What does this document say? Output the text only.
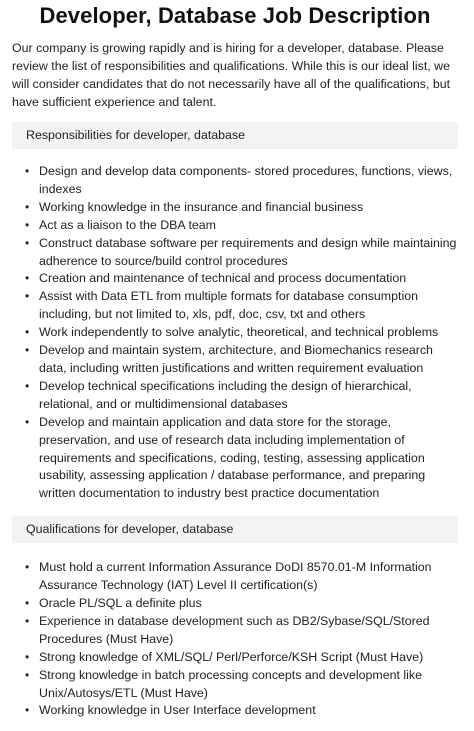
Developer, Database Job Description

Our company is growing rapidly and is hiring for a developer, database. Please review the list of responsibilities and qualifications. While this is our ideal list, we will consider candidates that do not necessarily have all of the qualifications, but have sufficient experience and talent.

Responsibilities for developer, database
• Design and develop data components- stored procedures, functions, views, indexes
• Working knowledge in the insurance and financial business
• Act as a liaison to the DBA team
• Construct database software per requirements and design while maintaining adherence to source/build control procedures
• Creation and maintenance of technical and process documentation
• Assist with Data ETL from multiple formats for database consumption including, but not limited to, xls, pdf, doc, csv, txt and others
• Work independently to solve analytic, theoretical, and technical problems
• Develop and maintain system, architecture, and Biomechanics research data, including written justifications and written requirement evaluation
• Develop technical specifications including the design of hierarchical, relational, and or multidimensional databases
• Develop and maintain application and data store for the storage, preservation, and use of research data including implementation of requirements and specifications, coding, testing, assessing application usability, assessing application / database performance, and preparing written documentation to industry best practice documentation
Qualifications for developer, database
• Must hold a current Information Assurance DoDI 8570.01-M Information Assurance Technology (IAT) Level II certification(s)
• Oracle PL/SQL a definite plus
• Experience in database development such as DB2/Sybase/SQL/Stored Procedures (Must Have)
• Strong knowledge of XML/SQL/ Perl/Perforce/KSH Script (Must Have)
• Strong knowledge in batch processing concepts and development like Unix/Autosys/ETL (Must Have)
• Working knowledge in User Interface development
